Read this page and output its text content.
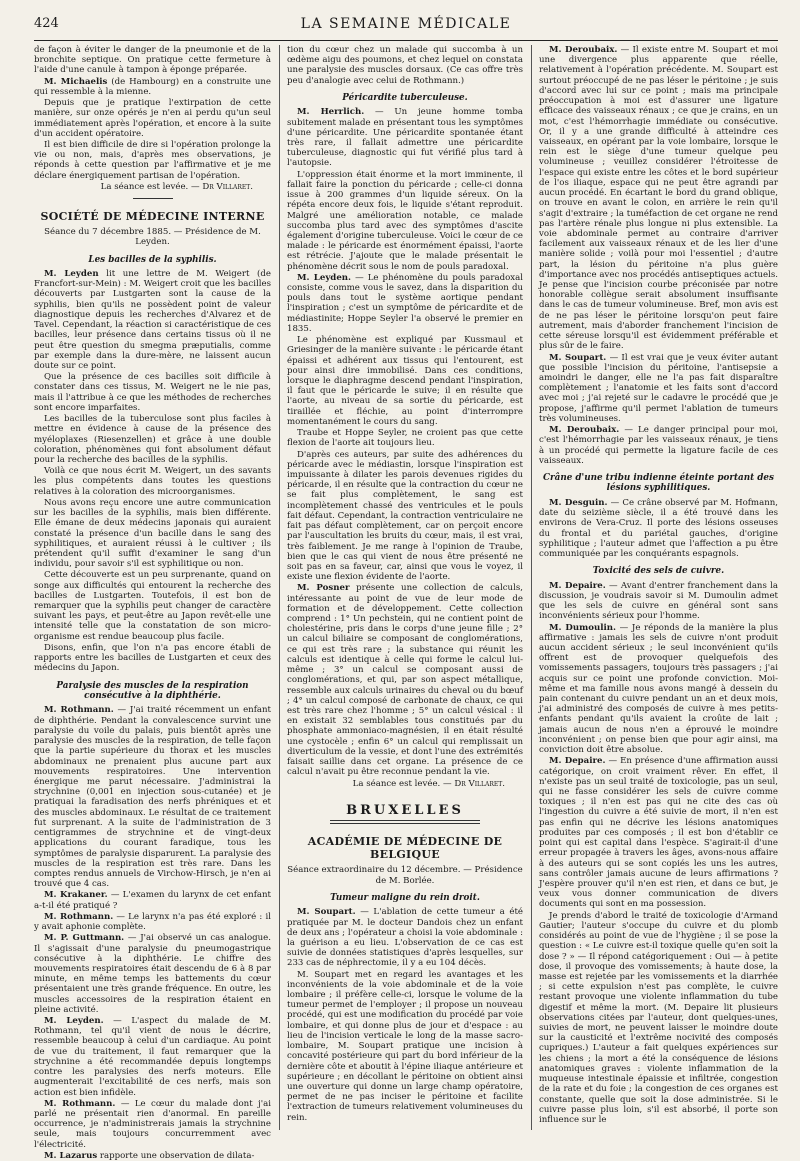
424	LA SEMAINE MÉDICALE

de façon à éviter le danger de la pneumonie et de la bronchite septique. On pratique cette fermeture à l'aide d'une canule à tampon à éponge préparée.

M. Michaelis (de Hambourg) en a construite une qui ressemble à la mienne.

Depuis que je pratique l'extirpation de cette manière, sur onze opérés je n'en ai perdu qu'un seul immédiatement après l'opération, et encore à la suite d'un accident opératoire.

Il est bien difficile de dire si l'opération prolonge la vie ou non, mais, d'après mes observations, je réponds à cette question par l'affirmative et je me déclare énergiquement partisan de l'opération.

La séance est levée. — Dr Villaret.

SOCIÉTÉ DE MÉDECINE INTERNE

Séance du 7 décembre 1885. — Présidence de M. Leyden.

Les bacilles de la syphilis.

M. Leyden lit une lettre de M. Weigert (de Francfort-sur-Mein) : M. Weigert croit que les bacilles découverts par Lustgarten sont la cause de la syphilis, bien qu'ils ne possèdent point de valeur diagnostique depuis les recherches d'Alvarez et de Tavel. Cependant, la réaction si caractéristique de ces bacilles, leur présence dans certains tissus où il ne peut être question du smegma præputialis, comme par exemple dans la dure-mère, ne laissent aucun doute sur ce point.

Que la présence de ces bacilles soit difficile à constater dans ces tissus, M. Weigert ne le nie pas, mais il l'attribue à ce que les méthodes de recherches sont encore imparfaites.

Les bacilles de la tuberculose sont plus faciles à mettre en évidence à cause de la présence des myéloplaxes (Riesenzellen) et grâce à une double coloration, phénomènes qui font absolument défaut pour la recherche des bacilles de la syphilis.

Voilà ce que nous écrit M. Weigert, un des savants les plus compétents dans toutes les questions relatives à la coloration des microorganismes.

Nous avons reçu encore une autre communication sur les bacilles de la syphilis, mais bien différente. Elle émane de deux médecins japonais qui auraient constaté la présence d'un bacille dans le sang des syphilitiques, et auraient réussi à le cultiver ; ils prétendent qu'il suffit d'examiner le sang d'un individu, pour savoir s'il est syphilitique ou non.

Cette découverte est un peu surprenante, quand on songe aux difficultés qui entourent la recherche des bacilles de Lustgarten. Toutefois, il est bon de remarquer que la syphilis peut changer de caractère suivant les pays, et peut-être au Japon revêt-elle une intensité telle que la constatation de son micro-organisme est rendue beaucoup plus facile.

Disons, enfin, que l'on n'a pas encore établi de rapports entre les bacilles de Lustgarten et ceux des médecins du Japon.

Paralysie des muscles de la respiration consécutive à la diphthérie.

M. Rothmann. — J'ai traité récemment un enfant de diphthérie. Pendant la convalescence survint une paralysie du voile du palais, puis bientôt après une paralysie des muscles de la respiration, de telle façon que la partie supérieure du thorax et les muscles abdominaux ne prenaient plus aucune part aux mouvements respiratoires. Une intervention énergique me parut nécessaire. J'administrai la strychnine (0,001 en injection sous-cutanée) et je pratiquai la faradisation des nerfs phréniques et et des muscles abdominaux. Le résultat de ce traitement fut surprenant. A la suite de l'administration de 3 centigrammes de strychnine et de vingt-deux applications du courant faradique, tous les symptômes de paralysie disparurent. La paralysie des muscles de la respiration est très rare. Dans les comptes rendus annuels de Virchow-Hirsch, je n'en ai trouvé que 4 cas.

M. Krakaner. — L'examen du larynx de cet enfant a-t-il été pratiqué ?

M. Rothmann. — Le larynx n'a pas été exploré : il y avait aphonie complète.

M. P. Guttmann. — J'ai observé un cas analogue. Il s'agissait d'une paralysie du pneumogastrique consécutive à la diphthérie. Le chiffre des mouvements respiratoires était descendu de 6 à 8 par minute, en même temps les battements du cœur présentaient une très grande fréquence. En outre, les muscles accessoires de la respiration étaient en pleine activité.

M. Leyden. — L'aspect du malade de M. Rothmann, tel qu'il vient de nous le décrire, ressemble beaucoup à celui d'un cardiaque. Au point de vue du traitement, il faut remarquer que la strychnine a été recommandée depuis longtemps contre les paralysies des nerfs moteurs. Elle augmenterait l'excitabilité de ces nerfs, mais son action est bien infidèle.

M. Rothmann. — Le cœur du malade dont j'ai parlé ne présentait rien d'anormal. En pareille occurrence, je n'administrerais jamais la strychnine seule, mais toujours concurremment avec l'électricité.

M. Lazarus rapporte une observation de dilata-

tion du cœur chez un malade qui succomba à un œdème aigu des poumons, et chez lequel on constata une paralysie des muscles dorsaux. (Ce cas offre très peu d'analogie avec celui de Rothmann.)

Péricardite tuberculeuse.

M. Herrlich. — Un jeune homme tomba subitement malade en présentant tous les symptômes d'une péricardite. Une péricardite spontanée étant très rare, il fallait admettre une péricardite tuberculeuse, diagnostic qui fut vérifié plus tard à l'autopsie.

L'oppression était énorme et la mort imminente, il fallait faire la ponction du péricarde ; celle-ci donna issue à 200 grammes d'un liquide séreux. On la répéta encore deux fois, le liquide s'étant reproduit. Malgré une amélioration notable, ce malade succomba plus tard avec des symptômes d'ascite également d'origine tuberculeuse. Voici le cœur de ce malade : le péricarde est énormément épaissi, l'aorte est rétrécie. J'ajoute que le malade présentait le phénomène décrit sous le nom de pouls paradoxal.

M. Leyden. — Le phénomène du pouls paradoxal consiste, comme vous le savez, dans la disparition du pouls dans tout le système aortique pendant l'inspiration ; c'est un symptôme de péricardite et de médiastinite; Hoppe Seyler l'a observé le premier en 1835.

Le phénomène est expliqué par Kussmaul et Griesinger de la manière suivante : le péricarde étant épaissi et adhérent aux tissus qui l'entourent, est pour ainsi dire immobilisé. Dans ces conditions, lorsque le diaphragme descend pendant l'inspiration, il faut que le péricarde le suive; il en résulte que l'aorte, au niveau de sa sortie du péricarde, est tiraillée et fléchie, au point d'interrompre momentanément le cours du sang.

Traube et Hoppe Seyler, ne croient pas que cette flexion de l'aorte ait toujours lieu.

D'après ces auteurs, par suite des adhérences du péricarde avec le médiastin, lorsque l'inspiration est impuissante à dilater les parois devenues rigides du péricarde, il en résulte que la contraction du cœur ne se fait plus complètement, le sang est incomplètement chassé des ventricules et le pouls fait défaut. Cependant, la contraction ventriculaire ne fait pas défaut complètement, car on perçoit encore par l'auscultation les bruits du cœur, mais, il est vrai, très faiblement. Je me range à l'opinion de Traube, bien que le cas qui vient de nous être présenté ne soit pas en sa faveur, car, ainsi que vous le voyez, il existe une flexion évidente de l'aorte.

M. Posner présente une collection de calculs, intéressante au point de vue de leur mode de formation et de développement. Cette collection comprend : 1° Un pechstein, qui ne contient point de cholestérine, pris dans le corps d'une jeune fille ; 2° un calcul biliaire se composant de conglomérations, ce qui est très rare ; la substance qui réunit les calculs est identique à celle qui forme le calcul lui-même ; 3° un calcul se composant aussi de conglomérations, et qui, par son aspect métallique, ressemble aux calculs urinaires du cheval ou du bœuf ; 4° un calcul composé de carbonate de chaux, ce qui est très rare chez l'homme ; 5° un calcul vésical : il en existait 32 semblables tous constitués par du phosphate ammoniaco-magnésien, il en était résulté une cystocèle ; enfin 6° un calcul qui remplissait un diverticulum de la vessie, et dont l'une des extrémités faisait saillie dans cet organe. La présence de ce calcul n'avait pu être reconnue pendant la vie.

La séance est levée. — Dr Villaret.

BRUXELLES
ACADÉMIE DE MÉDECINE DE BELGIQUE

Séance extraordinaire du 12 décembre. — Présidence de M. Borlée.

Tumeur maligne du rein droit.

M. Soupart. — L'ablation de cette tumeur a été pratiquée par M. le docteur Dandois chez un enfant de deux ans ; l'opérateur a choisi la voie abdominale : la guérison a eu lieu. L'observation de ce cas est suivie de données statistiques d'après lesquelles, sur 233 cas de néphrectomie, il y a eu 104 décès.

M. Soupart met en regard les avantages et les inconvénients de la voie abdominale et de la voie lombaire ; il préfère celle-ci, lorsque le volume de la tumeur permet de l'employer ; il propose un nouveau procédé, qui est une modification du procédé par voie lombaire, et qui donne plus de jour et d'espace : au lieu de l'incision verticale le long de la masse sacro-lombaire, M. Soupart pratique une incision à concavité postérieure qui part du bord inférieur de la dernière côte et aboutit à l'épine iliaque antérieure et supérieure ; en décollant le péritoine on obtient ainsi une ouverture qui donne un large champ opératoire, permet de ne pas inciser le péritoine et facilite l'extraction de tumeurs relativement volumineuses du rein.

M. Deroubaix. — Il existe entre M. Soupart et moi une divergence plus apparente que réelle, relativement à l'opération précédente. M. Soupart est surtout préoccupé de ne pas léser le péritoine ; je suis d'accord avec lui sur ce point ; mais ma principale préoccupation à moi est d'assurer une ligature efficace des vaisseaux rénaux ; ce que je crains, en un mot, c'est l'hémorrhagie immédiate ou consécutive. Or, il y a une grande difficulté à atteindre ces vaisseaux, en opérant par la voie lombaire, lorsque le rein est le siège d'une tumeur quelque peu volumineuse ; veuillez considérer l'étroitesse de l'espace qui existe entre les côtes et le bord supérieur de l'os iliaque, espace qui ne peut être agrandi par aucun procédé. En écartant le bord du grand oblique, on trouve en avant le colon, en arrière le rein qu'il s'agit d'extraire ; la tuméfaction de cet organe ne rend pas l'artère rénale plus longue ni plus extensible. La voie abdominale permet au contraire d'arriver facilement aux vaisseaux rénaux et de les lier d'une manière solide ; voilà pour moi l'essentiel ; d'autre part, la lésion du péritoine n'a plus guère d'importance avec nos procédés antiseptiques actuels. Je pense que l'incision courbe préconisée par notre honorable collègue serait absolument insuffisante dans le cas de tumeur volumineuse. Bref, mon avis est de ne pas léser le péritoine lorsqu'on peut faire autrement, mais d'aborder franchement l'incision de cette séreuse lorsqu'il est évidemment préférable et plus sûr de le faire.

M. Soupart. — Il est vrai que je veux éviter autant que possible l'incision du péritoine, l'antisepsie a amoindri le danger, elle ne l'a pas fait disparaître complètement ; l'anatomie et les faits sont d'accord avec moi ; j'ai rejeté sur le cadavre le procédé que je propose, j'affirme qu'il permet l'ablation de tumeurs très volumineuses.

M. Deroubaix. — Le danger principal pour moi, c'est l'hémorrhagie par les vaisseaux rénaux, je tiens à un procédé qui permette la ligature facile de ces vaisseaux.

Crâne d'une tribu indienne éteinte portant des lésions syphilitiques.

M. Desguin. — Ce crâne observé par M. Hofmann, date du seizième siècle, il a été trouvé dans les environs de Vera-Cruz. Il porte des lésions osseuses du frontal et du pariétal gauches, d'origine syphilitique ; l'auteur admet que l'affection a pu être communiquée par les conquérants espagnols.

Toxicité des sels de cuivre.

M. Depaire. — Avant d'entrer franchement dans la discussion, je voudrais savoir si M. Dumoulin admet que les sels de cuivre en général sont sans inconvénients sérieux pour l'homme.

M. Dumoulin. — Je réponds de la manière la plus affirmative : jamais les sels de cuivre n'ont produit aucun accident sérieux ; le seul inconvénient qu'ils offrent est de provoquer quelquefois des vomissements passagers, toujours très passagers ; j'ai acquis sur ce point une profonde conviction. Moi-même et ma famille nous avons mangé à dessein du pain contenant du cuivre pendant un an et deux mois, j'ai administré des composés de cuivre à mes petits-enfants pendant qu'ils avaient la croûte de lait ; jamais aucun de nous n'en a éprouvé le moindre inconvénient ; on pense bien que pour agir ainsi, ma conviction doit être absolue.

M. Depaire. — En présence d'une affirmation aussi catégorique, on croit vraiment rêver. En effet, il n'existe pas un seul traité de toxicologie, pas un seul, qui ne fasse considérer les sels de cuivre comme toxiques ; il n'en est pas qui ne cite des cas où l'ingestion du cuivre a été suivie de mort, il n'en est pas enfin qui ne décrive les lésions anatomiques produites par ces composés ; il est bon d'établir ce point qui est capital dans l'espèce. S'agirait-il d'une erreur propagée à travers les âges, avons-nous affaire à des auteurs qui se sont copiés les uns les autres, sans contrôler jamais aucune de leurs affirmations ? J'espère prouver qu'il n'en est rien, et dans ce but, je veux vous donner communication de divers documents qui sont en ma possession.

Je prends d'abord le traité de toxicologie d'Armand Gautier; l'auteur s'occupe du cuivre et du plomb considérés au point de vue de l'hygiène ; il se pose la question : « Le cuivre est-il toxique quelle qu'en soit la dose ? » — Il répond catégoriquement : Oui — à petite dose, il provoque des vomissements; à haute dose, la masse est rejetée par les vomissements et la diarrhée ; si cette expulsion n'est pas complète, le cuivre restant provoque une violente inflammation du tube digestif et même la mort. (M. Depaire lit plusieurs observations citées par l'auteur, dont quelques-unes, suivies de mort, ne peuvent laisser le moindre doute sur la causticité et l'extrême nocivité des composés cupriques.) L'auteur a fait quelques expériences sur les chiens ; la mort a été la conséquence de lésions anatomiques graves : violente inflammation de la muqueuse intestinale épaissie et infiltrée, congestion de la rate et du foie ; la congestion de ces organes est constante, quelle que soit la dose administrée. Si le cuivre passe plus loin, s'il est absorbé, il porte son influence sur le
